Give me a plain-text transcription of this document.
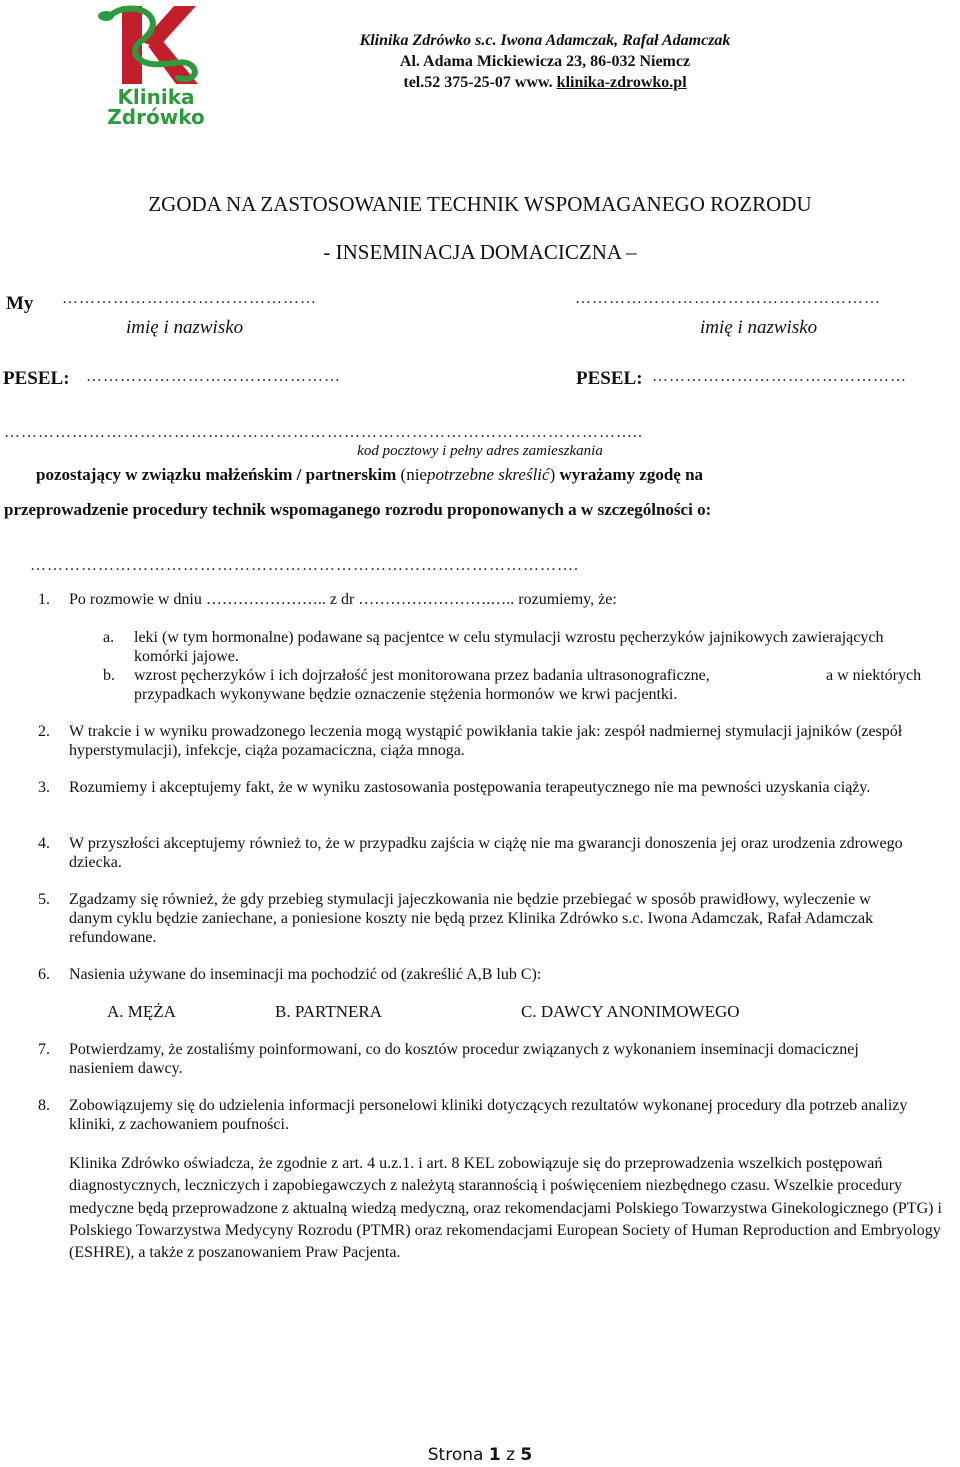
Klinika
Zdrówko
Klinika Zdrówko s.c. Iwona Adamczak, Rafał Adamczak
Al. Adama Mickiewicza 23, 86-032 Niemcz
tel.52 375-25-07 www. klinika-zdrowko.pl
ZGODA NA ZASTOSOWANIE TECHNIK WSPOMAGANEGO ROZRODU
- INSEMINACJA DOMACICZNA –
My ………………………………………	………………………………………………
imię i nazwisko	imię i nazwisko
PESEL: ………………………………………	PESEL: ………………………………………
…………………………………………………………………………………………………..
kod pocztowy i pełny adres zamieszkania
pozostający w związku małżeńskim / partnerskim (niepotrzebne skreślić) wyrażamy zgodę na
przeprowadzenie procedury technik wspomaganego rozrodu proponowanych a w szczególności o:
…………………………………………………………………………………….
1. Po rozmowie w dniu ………………….. z dr …………………….….. rozumiemy, że:
a. leki (w tym hormonalne) podawane są pacjentce w celu stymulacji wzrostu pęcherzyków jajnikowych zawierających komórki jajowe.
b. wzrost pęcherzyków i ich dojrzałość jest monitorowana przez badania ultrasonograficzne,	a w niektórych
przypadkach wykonywane będzie oznaczenie stężenia hormonów we krwi pacjentki.
2. W trakcie i w wyniku prowadzonego leczenia mogą wystąpić powikłania takie jak: zespół nadmiernej stymulacji jajników (zespół hyperstymulacji), infekcje, ciąża pozamaciczna, ciąża mnoga.
3. Rozumiemy i akceptujemy fakt, że w wyniku zastosowania postępowania terapeutycznego nie ma pewności uzyskania ciąży.
4. W przyszłości akceptujemy również to, że w przypadku zajścia w ciążę nie ma gwarancji donoszenia jej oraz urodzenia zdrowego dziecka.
5. Zgadzamy się również, że gdy przebieg stymulacji jajeczkowania nie będzie przebiegać w sposób prawidłowy, wyleczenie w danym cyklu będzie zaniechane, a poniesione koszty nie będą przez Klinika Zdrówko s.c. Iwona Adamczak, Rafał Adamczak refundowane.
6. Nasienia używane do inseminacji ma pochodzić od (zakreślić A,B lub C):
A. MĘŻA	B. PARTNERA	C. DAWCY ANONIMOWEGO
7. Potwierdzamy, że zostaliśmy poinformowani, co do kosztów procedur związanych z wykonaniem inseminacji domacicznej nasieniem dawcy.
8. Zobowiązujemy się do udzielenia informacji personelowi kliniki dotyczących rezultatów wykonanej procedury dla potrzeb analizy kliniki, z zachowaniem poufności.
Klinika Zdrówko oświadcza, że zgodnie z art. 4 u.z.1. i art. 8 KEL zobowiązuje się do przeprowadzenia wszelkich postępowań diagnostycznych, leczniczych i zapobiegawczych z należytą starannością i poświęceniem niezbędnego czasu. Wszelkie procedury medyczne będą przeprowadzone z aktualną wiedzą medyczną, oraz rekomendacjami Polskiego Towarzystwa Ginekologicznego (PTG) i Polskiego Towarzystwa Medycyny Rozrodu (PTMR) oraz rekomendacjami European Society of Human Reproduction and Embryology (ESHRE), a także z poszanowaniem Praw Pacjenta.
Strona 1 z 5
